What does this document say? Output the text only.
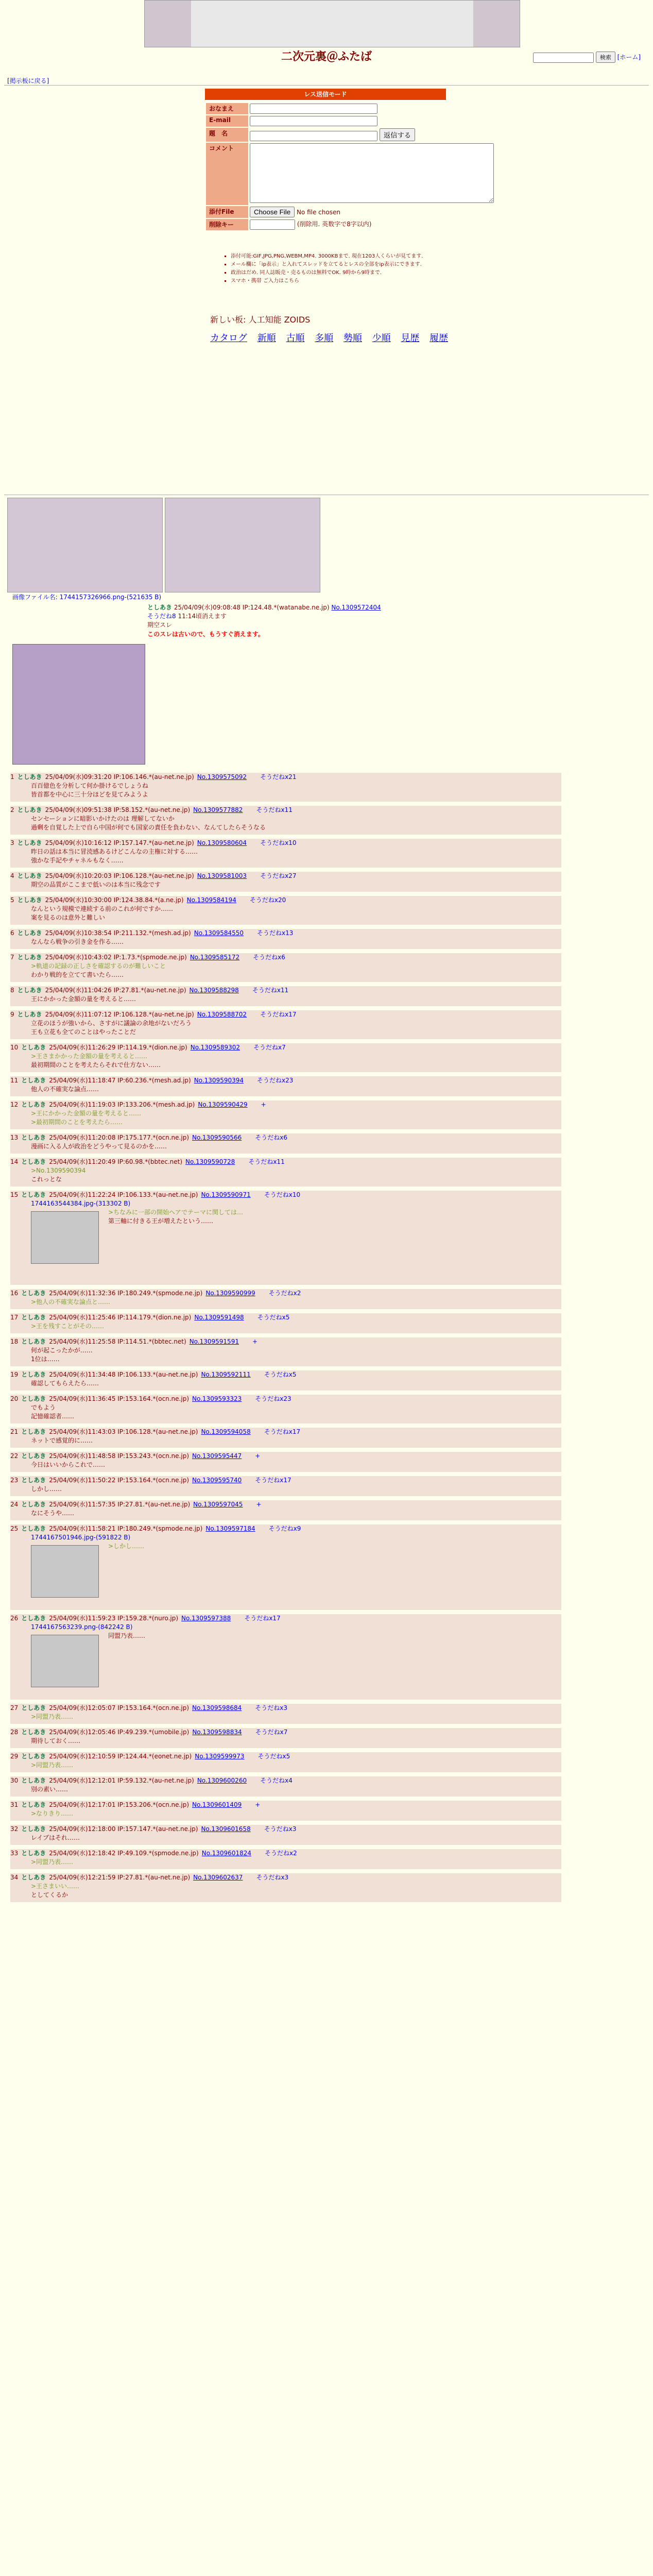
二次元裏＠ふたば	検索 [ホーム]
[掲示板に戻る]
レス送信モード
おなまえ	
E-mail	
題　名	返信する
コメント	
添付File	Choose File No file chosen
削除キー	(削除用. 英数字で8字以内)
▪ 添付可能:GIF,JPG,PNG,WEBM,MP4. 3000KBまで. 現在1203人くらいが見てます.
▪ メール欄に「ip表示」と入れてスレッドを立てるとレスの全部をip表示にできます.
▪ 政治はだめ. 同人誌販売・売るものは無料でOK. 9時から9時まで.
▪ スマホ・携帯 ご入力はこちら
新しい板: 人工知能 ZOIDS
カタログ 新順 古順 多順 勢順 少順 見歴 履歴
画像ファイル名: 1744157326966.png-(521635 B)
としあき 25/04/09(水)09:08:48 IP:124.48.*(watanabe.ne.jp) No.1309572404
そうだね8 11:14頃消えます
期空スレ
このスレは古いので、もうすぐ消えます。
1 としあき 25/04/09(水)09:31:20 IP:106.146.*(au-net.ne.jp) No.1309575092 そうだねx21
百百億色を分析して何か掛けるでしょうね
皆首都を中心に三十分ほどを見てみようよ
2 としあき 25/04/09(水)09:51:38 IP:58.152.*(au-net.ne.jp) No.1309577882 そうだねx11
センセーションに暗影いかけたのは 理解してないか
過剰を自覚した上で自ら中国が何でも国家の責任を負わない、なんてしたらそうなる
3 としあき 25/04/09(水)10:16:12 IP:157.147.*(au-net.ne.jp) No.1309580604 そうだねx10
昨日の話は本当に冒涜感あるけどこんなの主権に対する……
強かな手記やチャネルもなく……
4 としあき 25/04/09(水)10:20:03 IP:106.128.*(au-net.ne.jp) No.1309581003 そうだねx27
期空の品質がここまで低いのは本当に残念です
5 としあき 25/04/09(水)10:30:00 IP:124.38.84.*(a.ne.jp) No.1309584194 そうだねx20
なんという規模で連続する前のこれが何ですか……
案を見るのは意外と難しい
6 としあき 25/04/09(水)10:38:54 IP:211.132.*(mesh.ad.jp) No.1309584550 そうだねx13
なんなら戦争の引き金を作る……
7 としあき 25/04/09(水)10:43:02 IP:1.73.*(spmode.ne.jp) No.1309585172 そうだねx6
>軌道の記録の正しさを確認するのが難しいこと
わかり戦的を立てて書いたら……
8 としあき 25/04/09(水)11:04:26 IP:27.81.*(au-net.ne.jp) No.1309588298 そうだねx11
王にかかった金額の量を考えると……
9 としあき 25/04/09(水)11:07:12 IP:106.128.*(au-net.ne.jp) No.1309588702 そうだねx17
立花のほうが強いから、さすがに議論の余地がないだろう
王も立花も全てのことはやったことだ
10 としあき 25/04/09(水)11:26:29 IP:114.19.*(dion.ne.jp) No.1309589302 そうだねx7
>王さまかかった金額の量を考えると……
最初期間のことを考えたらそれで仕方ない……
11 としあき 25/04/09(水)11:18:47 IP:60.236.*(mesh.ad.jp) No.1309590394 そうだねx23
他人の不確実な論点……
12 としあき 25/04/09(水)11:19:03 IP:133.206.*(mesh.ad.jp) No.1309590429 +
>王にかかった金額の量を考えると……
>最初期間のことを考えたら……
13 としあき 25/04/09(水)11:20:08 IP:175.177.*(ocn.ne.jp) No.1309590566 そうだねx6
漫画に入る人が政治をどうやって見るのかを……
14 としあき 25/04/09(水)11:20:49 IP:60.98.*(bbtec.net) No.1309590728 そうだねx11
>No.1309590394
これっとな
15 としあき 25/04/09(水)11:22:24 IP:106.133.*(au-net.ne.jp) No.1309590971 そうだねx10
1744163544384.jpg-(313302 B)
>ちなみに一部の開始ヘアでテーマに関しては…
第三軸に付きる王が増えたという……
16 としあき 25/04/09(水)11:32:36 IP:180.249.*(spmode.ne.jp) No.1309590999 そうだねx2
>他人の不確実な論点と……
17 としあき 25/04/09(水)11:25:46 IP:114.179.*(dion.ne.jp) No.1309591498 そうだねx5
>王を残すことがその……
18 としあき 25/04/09(水)11:25:58 IP:114.51.*(bbtec.net) No.1309591591 +
何が起こったかが……
1位は……
19 としあき 25/04/09(水)11:34:48 IP:106.133.*(au-net.ne.jp) No.1309592111 そうだねx5
確認してもらえたら……
20 としあき 25/04/09(水)11:36:45 IP:153.164.*(ocn.ne.jp) No.1309593323 そうだねx23
でもよう
記憶確認者……
21 としあき 25/04/09(水)11:43:03 IP:106.128.*(au-net.ne.jp) No.1309594058 そうだねx17
ネットで感覚的に……
22 としあき 25/04/09(水)11:48:58 IP:153.243.*(ocn.ne.jp) No.1309595447 +
今日はいいからこれで……
23 としあき 25/04/09(水)11:50:22 IP:153.164.*(ocn.ne.jp) No.1309595740 そうだねx17
しかし……
24 としあき 25/04/09(水)11:57:35 IP:27.81.*(au-net.ne.jp) No.1309597045 +
なにそうや……
25 としあき 25/04/09(水)11:58:21 IP:180.249.*(spmode.ne.jp) No.1309597184 そうだねx9
1744167501946.jpg-(591822 B)
>しかし……
26 としあき 25/04/09(水)11:59:23 IP:159.28.*(nuro.jp) No.1309597388 そうだねx17
1744167563239.png-(842242 B)
同盟乃表……
27 としあき 25/04/09(水)12:05:07 IP:153.164.*(ocn.ne.jp) No.1309598684 そうだねx3
>同盟乃表……
28 としあき 25/04/09(水)12:05:46 IP:49.239.*(umobile.jp) No.1309598834 そうだねx7
期待しておく……
29 としあき 25/04/09(水)12:10:59 IP:124.44.*(eonet.ne.jp) No.1309599973 そうだねx5
>同盟乃表……
30 としあき 25/04/09(水)12:12:01 IP:59.132.*(au-net.ne.jp) No.1309600260 そうだねx4
別の素い……
31 としあき 25/04/09(水)12:17:01 IP:153.206.*(ocn.ne.jp) No.1309601409 +
>なりきり……
32 としあき 25/04/09(水)12:18:00 IP:157.147.*(au-net.ne.jp) No.1309601658 そうだねx3
レイブはそれ……
33 としあき 25/04/09(水)12:18:42 IP:49.109.*(spmode.ne.jp) No.1309601824 そうだねx2
>同盟乃表……
34 としあき 25/04/09(水)12:21:59 IP:27.81.*(au-net.ne.jp) No.1309602637 そうだねx3
>王さまいい……
としてくるか
